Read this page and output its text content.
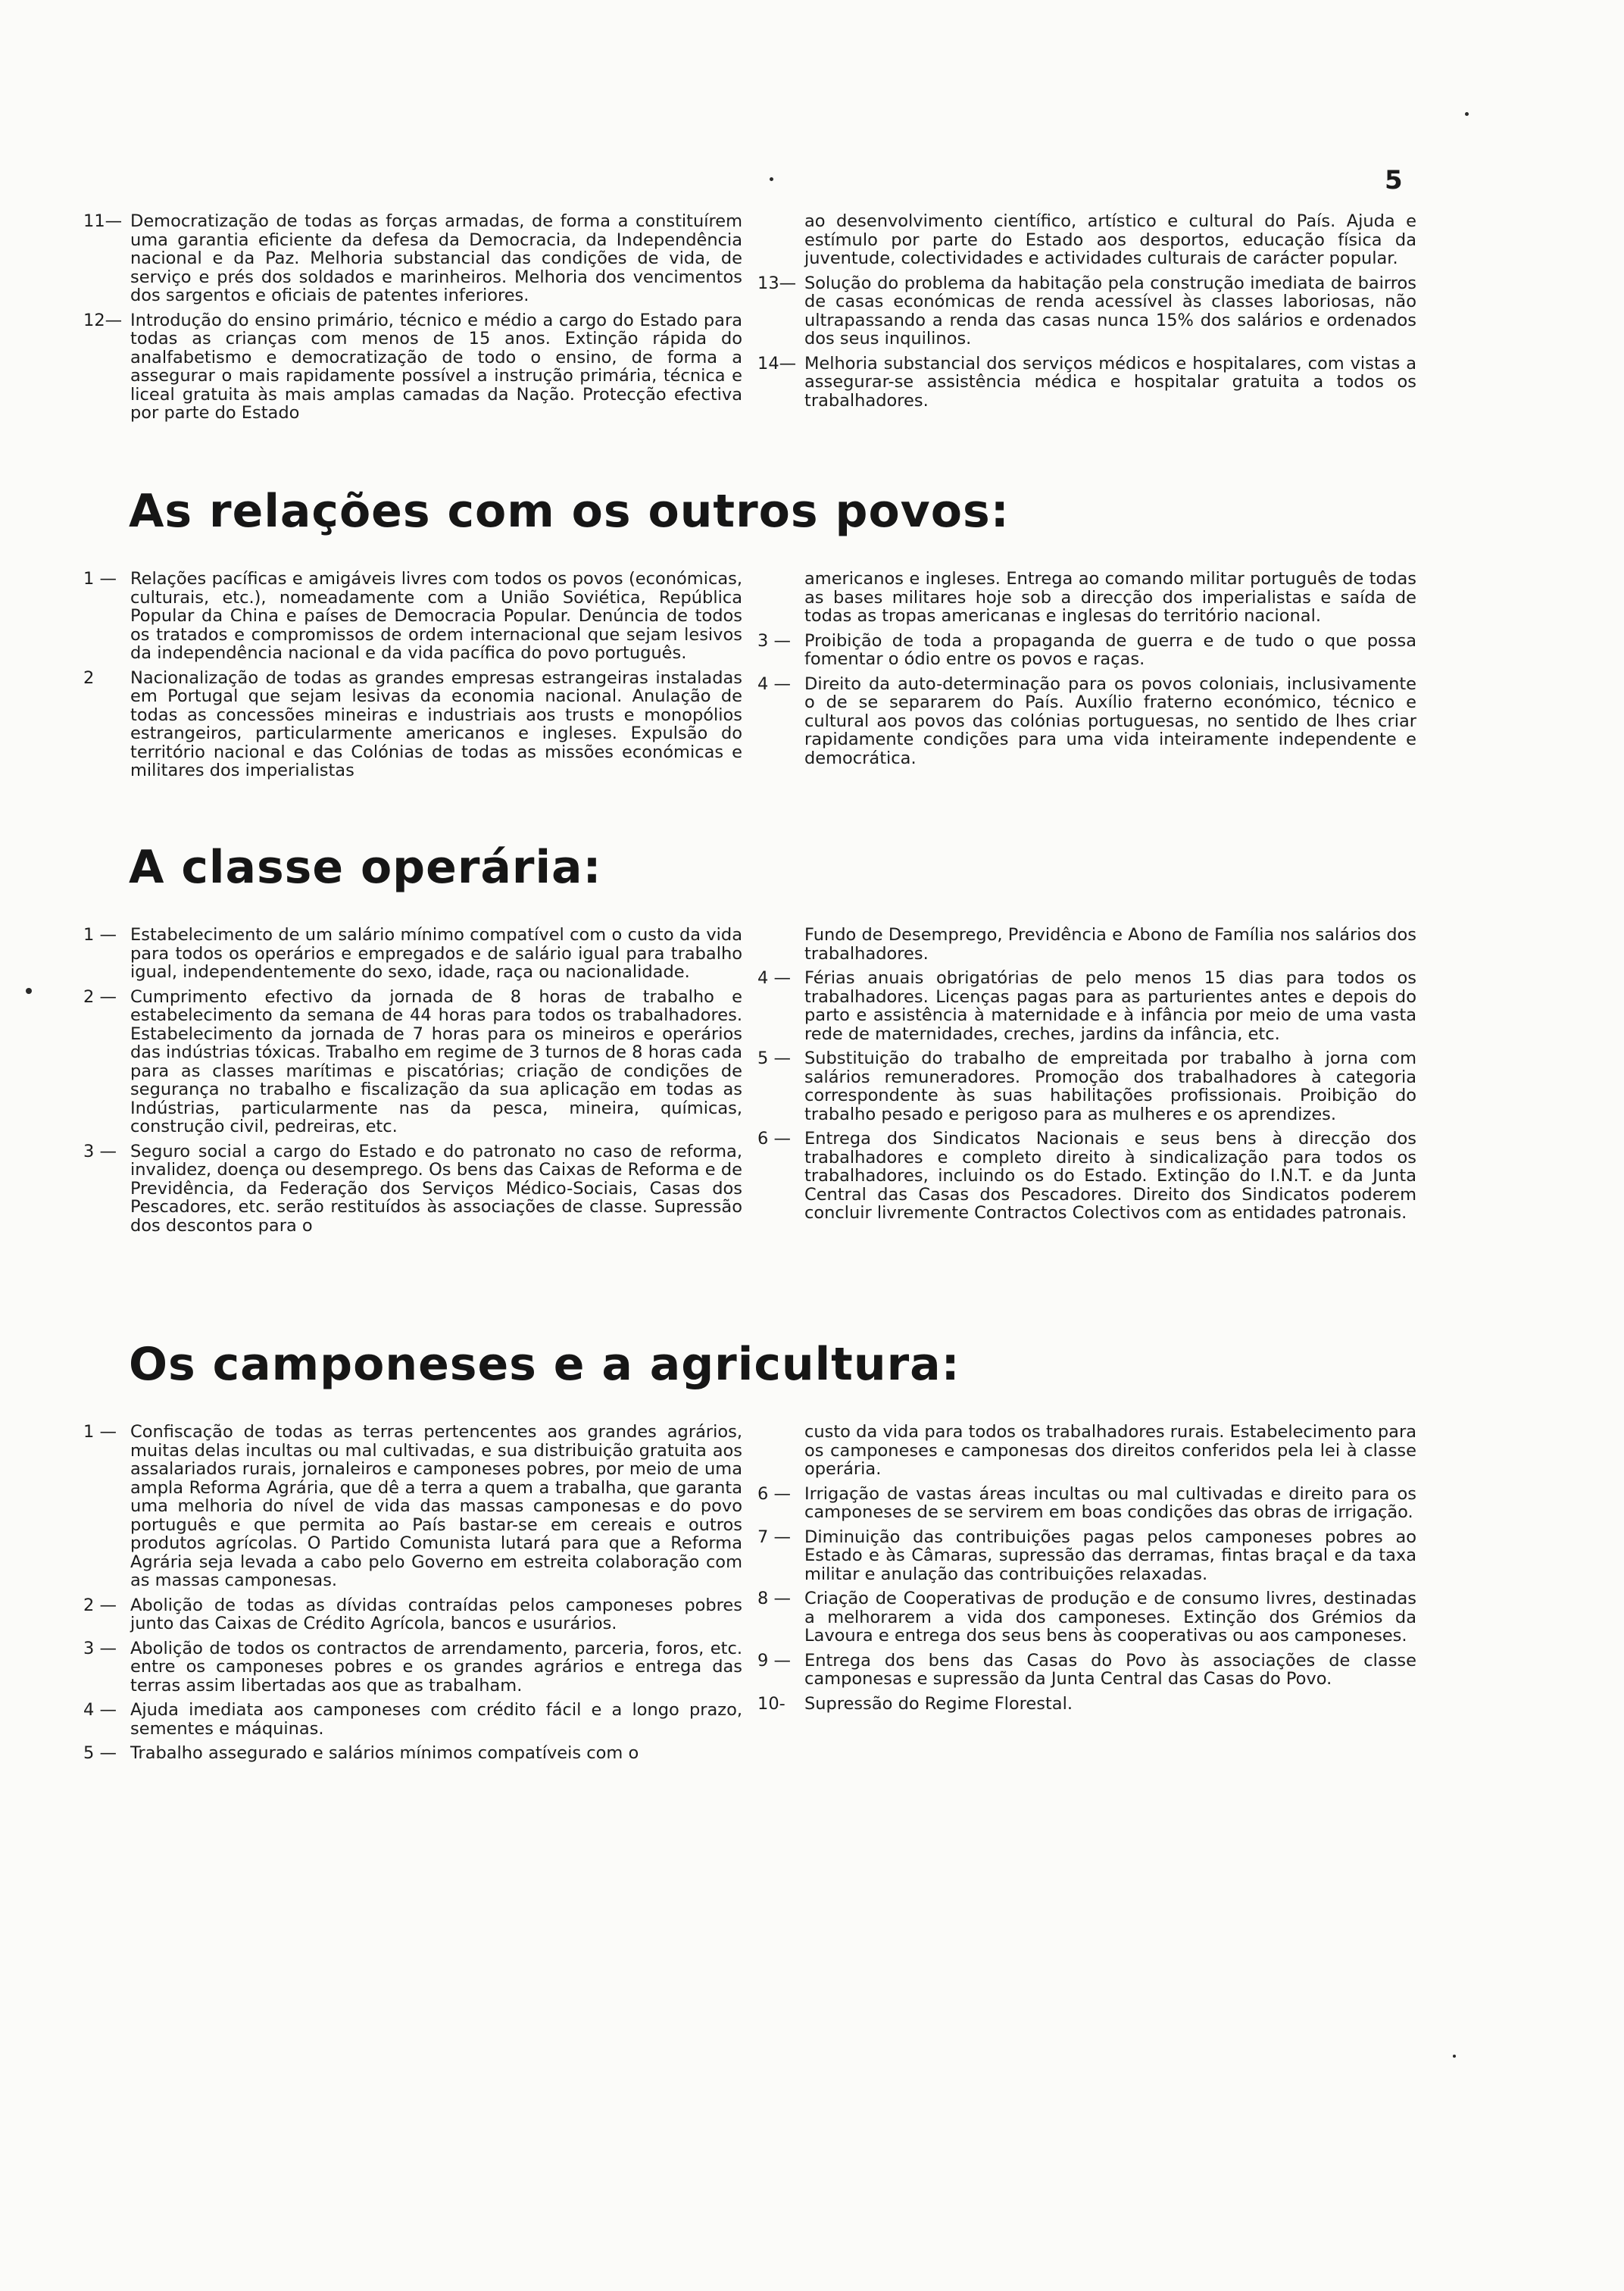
5

11— Democratização de todas as forças armadas, de forma a constituírem uma garantia eficiente da defesa da Democracia, da Independência nacional e da Paz. Melhoria substancial das condições de vida, de serviço e prés dos soldados e marinheiros. Melhoria dos vencimentos dos sargentos e oficiais de patentes inferiores.

12— Introdução do ensino primário, técnico e médio a cargo do Estado para todas as crianças com menos de 15 anos. Extinção rápida do analfabetismo e democratização de todo o ensino, de forma a assegurar o mais rapidamente possível a instrução primária, técnica e liceal gratuita às mais amplas camadas da Nação. Protecção efectiva por parte do Estado

ao desenvolvimento científico, artístico e cultural do País. Ajuda e estímulo por parte do Estado aos desportos, educação física da juventude, colectividades e actividades culturais de carácter popular.

13— Solução do problema da habitação pela construção imediata de bairros de casas económicas de renda acessível às classes laboriosas, não ultrapassando a renda das casas nunca 15% dos salários e ordenados dos seus inquilinos.

14— Melhoria substancial dos serviços médicos e hospitalares, com vistas a assegurar-se assistência médica e hospitalar gratuita a todos os trabalhadores.

As relações com os outros povos:

1 — Relações pacíficas e amigáveis livres com todos os povos (económicas, culturais, etc.), nomeadamente com a União Soviética, República Popular da China e países de Democracia Popular. Denúncia de todos os tratados e compromissos de ordem internacional que sejam lesivos da independência nacional e da vida pacífica do povo português.

2	Nacionalização de todas as grandes empresas estrangeiras instaladas em Portugal que sejam lesivas da economia nacional. Anulação de todas as concessões mineiras e industriais aos trusts e monopólios estrangeiros, particularmente americanos e ingleses. Expulsão do território nacional e das Colónias de todas as missões económicas e militares dos imperialistas

americanos e ingleses. Entrega ao comando militar português de todas as bases militares hoje sob a direcção dos imperialistas e saída de todas as tropas americanas e inglesas do território nacional.

3 — Proibição de toda a propaganda de guerra e de tudo o que possa fomentar o ódio entre os povos e raças.

4 — Direito da auto-determinação para os povos coloniais, inclusivamente o de se separarem do País. Auxílio fraterno económico, técnico e cultural aos povos das colónias portuguesas, no sentido de lhes criar rapidamente condições para uma vida inteiramente independente e democrática.

A classe operária:

1 — Estabelecimento de um salário mínimo compatível com o custo da vida para todos os operários e empregados e de salário igual para trabalho igual, independentemente do sexo, idade, raça ou nacionalidade.

2 — Cumprimento efectivo da jornada de 8 horas de trabalho e estabelecimento da semana de 44 horas para todos os trabalhadores. Estabelecimento da jornada de 7 horas para os mineiros e operários das indústrias tóxicas. Trabalho em regime de 3 turnos de 8 horas cada para as classes marítimas e piscatórias; criação de condições de segurança no trabalho e fiscalização da sua aplicação em todas as Indústrias, particularmente nas da pesca, mineira, químicas, construção civil, pedreiras, etc.

3 — Seguro social a cargo do Estado e do patronato no caso de reforma, invalidez, doença ou desemprego. Os bens das Caixas de Reforma e de Previdência, da Federação dos Serviços Médico-Sociais, Casas dos Pescadores, etc. serão restituídos às associações de classe. Supressão dos descontos para o

Fundo de Desemprego, Previdência e Abono de Família nos salários dos trabalhadores.

4 — Férias anuais obrigatórias de pelo menos 15 dias para todos os trabalhadores. Licenças pagas para as parturientes antes e depois do parto e assistência à maternidade e à infância por meio de uma vasta rede de maternidades, creches, jardins da infância, etc.

5 — Substituição do trabalho de empreitada por trabalho à jorna com salários remuneradores. Promoção dos trabalhadores à categoria correspondente às suas habilitações profissionais. Proibição do trabalho pesado e perigoso para as mulheres e os aprendizes.

6 — Entrega dos Sindicatos Nacionais e seus bens à direcção dos trabalhadores e completo direito à sindicalização para todos os trabalhadores, incluindo os do Estado. Extinção do I.N.T. e da Junta Central das Casas dos Pescadores. Direito dos Sindicatos poderem concluir livremente Contractos Colectivos com as entidades patronais.

Os camponeses e a agricultura:

1 — Confiscação de todas as terras pertencentes aos grandes agrários, muitas delas incultas ou mal cultivadas, e sua distribuição gratuita aos assalariados rurais, jornaleiros e camponeses pobres, por meio de uma ampla Reforma Agrária, que dê a terra a quem a trabalha, que garanta uma melhoria do nível de vida das massas camponesas e do povo português e que permita ao País bastar-se em cereais e outros produtos agrícolas. O Partido Comunista lutará para que a Reforma Agrária seja levada a cabo pelo Governo em estreita colaboração com as massas camponesas.

2 — Abolição de todas as dívidas contraídas pelos camponeses pobres junto das Caixas de Crédito Agrícola, bancos e usurários.

3 — Abolição de todos os contractos de arrendamento, parceria, foros, etc. entre os camponeses pobres e os grandes agrários e entrega das terras assim libertadas aos que as trabalham.

4 — Ajuda imediata aos camponeses com crédito fácil e a longo prazo, sementes e máquinas.

5 — Trabalho assegurado e salários mínimos compatíveis com o

custo da vida para todos os trabalhadores rurais. Estabelecimento para os camponeses e camponesas dos direitos conferidos pela lei à classe operária.

6 — Irrigação de vastas áreas incultas ou mal cultivadas e direito para os camponeses de se servirem em boas condições das obras de irrigação.

7 — Diminuição das contribuições pagas pelos camponeses pobres ao Estado e às Câmaras, supressão das derramas, fintas braçal e da taxa militar e anulação das contribuições relaxadas.

8 — Criação de Cooperativas de produção e de consumo livres, destinadas a melhorarem a vida dos camponeses. Extinção dos Grémios da Lavoura e entrega dos seus bens às cooperativas ou aos camponeses.

9 — Entrega dos bens das Casas do Povo às associações de classe camponesas e supressão da Junta Central das Casas do Povo.

10-	Supressão do Regime Florestal.
